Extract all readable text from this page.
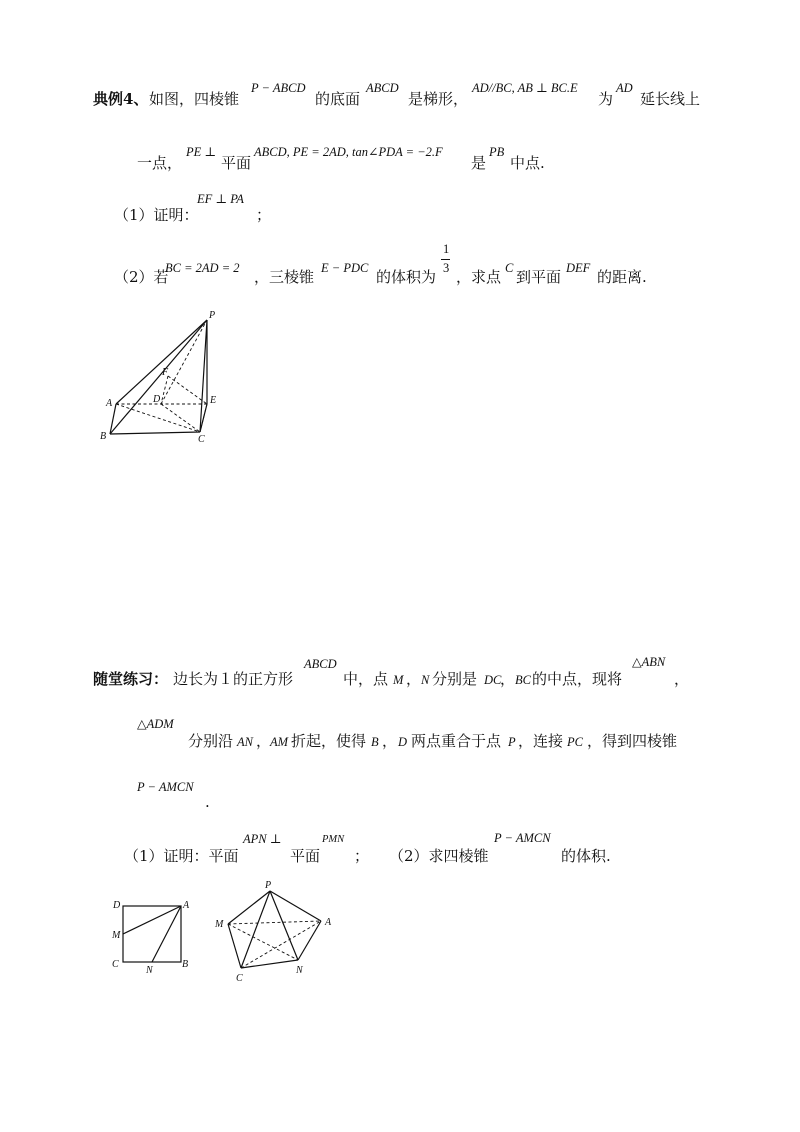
典例4、 如图，四棱锥
P − ABCD
的底面
ABCD
是梯形，
AD//BC, AB ⊥ BC.E
为
AD
延长线上
一点，
PE ⊥
平面
ABCD, PE = 2AD, tan∠PDA = −2.F
是
PB
中点.
（1）证明：
EF ⊥ PA
；
（2）若
BC = 2AD = 2 ，三棱锥 E − PDC 的体积为
1
3 ，求点 C 到平面 DEF 的距离.
P
F
D	E
A
B	C
随堂练习： 边长为１的正方形
ABCD
中，点 M ， N 分别是 DC
， BC 的中点，现将
△ABN
，
△ADM
分别沿 AN ，
AM 折起，使得 B ， D 两点重合于点 P ，连接 PC ，得到四棱锥
P − AMCN
.
（1）证明：平面
APN ⊥
平面
PMN
； （2）求四棱锥
P − AMCN
的体积.
D	A
M
C
N
B
P
M	A
C
N
